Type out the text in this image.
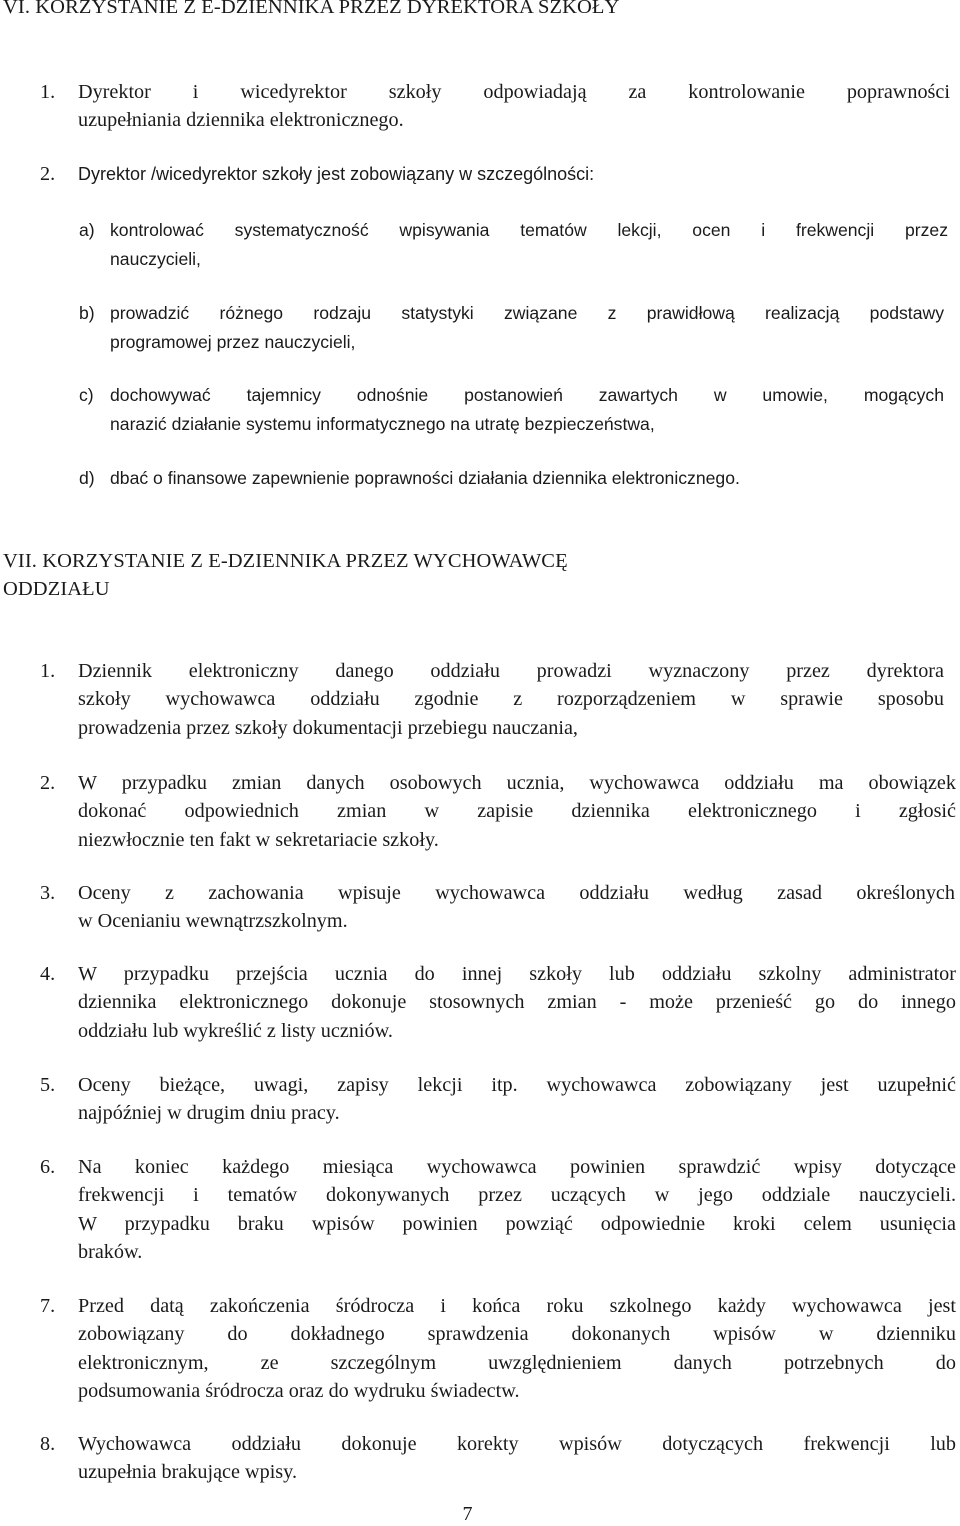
VI. KORZYSTANIE Z E-DZIENNIKA PRZEZ DYREKTORA SZKOŁY
1. Dyrektor i wicedyrektor szkoły odpowiadają za kontrolowanie poprawności
uzupełniania dziennika elektronicznego.
2. Dyrektor /wicedyrektor szkoły jest zobowiązany w szczególności:
a) kontrolować systematyczność wpisywania tematów lekcji, ocen i frekwencji przez
nauczycieli,
b) prowadzić różnego rodzaju statystyki związane z prawidłową realizacją podstawy
programowej przez nauczycieli,
c) dochowywać tajemnicy odnośnie postanowień zawartych w umowie, mogących
narazić działanie systemu informatycznego na utratę bezpieczeństwa,
d) dbać o finansowe zapewnienie poprawności działania dziennika elektronicznego.
VII. KORZYSTANIE Z E-DZIENNIKA PRZEZ WYCHOWAWCĘ
ODDZIAŁU
1. Dziennik elektroniczny danego oddziału prowadzi wyznaczony przez dyrektora
szkoły wychowawca oddziału zgodnie z rozporządzeniem w sprawie sposobu
prowadzenia przez szkoły dokumentacji przebiegu nauczania,
2. W przypadku zmian danych osobowych ucznia, wychowawca oddziału ma obowiązek
dokonać odpowiednich zmian w zapisie dziennika elektronicznego i zgłosić
niezwłocznie ten fakt w sekretariacie szkoły.
3. Oceny z zachowania wpisuje wychowawca oddziału według zasad określonych
w Ocenianiu wewnątrzszkolnym.
4. W przypadku przejścia ucznia do innej szkoły lub oddziału szkolny administrator
dziennika elektronicznego dokonuje stosownych zmian - może przenieść go do innego
oddziału lub wykreślić z listy uczniów.
5. Oceny bieżące, uwagi, zapisy lekcji itp. wychowawca zobowiązany jest uzupełnić
najpóźniej w drugim dniu pracy.
6. Na koniec każdego miesiąca wychowawca powinien sprawdzić wpisy dotyczące
frekwencji i tematów dokonywanych przez uczących w jego oddziale nauczycieli.
W przypadku braku wpisów powinien powziąć odpowiednie kroki celem usunięcia
braków.
7. Przed datą zakończenia śródrocza i końca roku szkolnego każdy wychowawca jest
zobowiązany do dokładnego sprawdzenia dokonanych wpisów w dzienniku
elektronicznym, ze szczególnym uwzględnieniem danych potrzebnych do
podsumowania śródrocza oraz do wydruku świadectw.
8. Wychowawca oddziału dokonuje korekty wpisów dotyczących frekwencji lub
uzupełnia brakujące wpisy.
7
